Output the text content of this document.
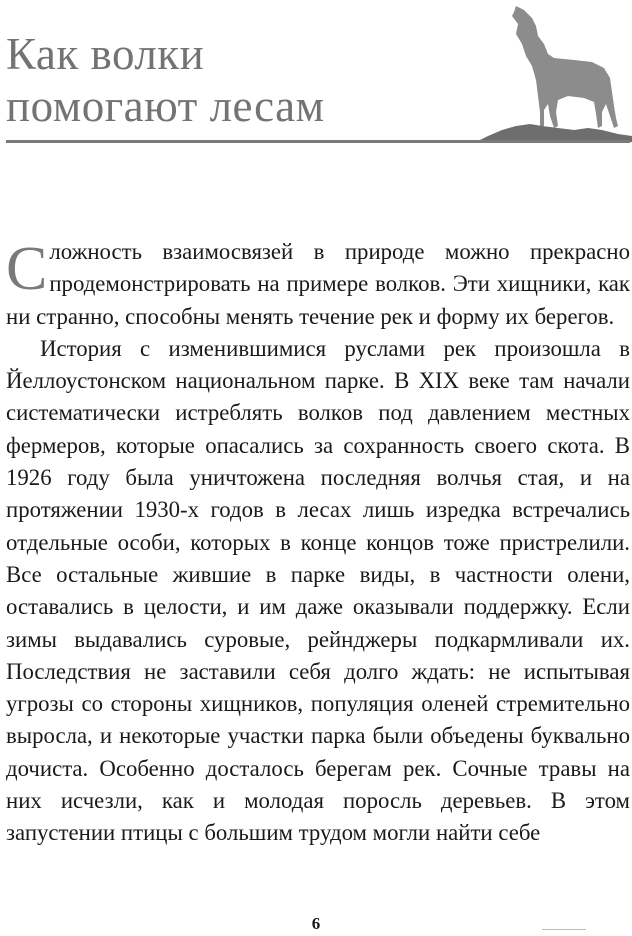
Как волки
помогают лесам

Сложность взаимосвязей в природе можно прекрасно продемонстрировать на примере волков. Эти хищники, как ни странно, способны менять течение рек и форму их берегов.
История с изменившимися руслами рек произошла в Йеллоустонском национальном парке. В XIX веке там начали систематически истреблять волков под давлением местных фермеров, которые опасались за сохранность своего скота. В 1926 году была уничтожена последняя волчья стая, и на протяжении 1930-х годов в лесах лишь изредка встречались отдельные особи, которых в конце концов тоже пристрелили. Все остальные жившие в парке виды, в частности олени, оставались в целости, и им даже оказывали поддержку. Если зимы выдавались суровые, рейнджеры подкармливали их. Последствия не заставили себя долго ждать: не испытывая угрозы со стороны хищников, популяция оленей стремительно выросла, и некоторые участки парка были объедены буквально дочиста. Особенно досталось берегам рек. Сочные травы на них исчезли, как и молодая поросль деревьев. В этом запустении птицы с большим трудом могли найти себе

6
